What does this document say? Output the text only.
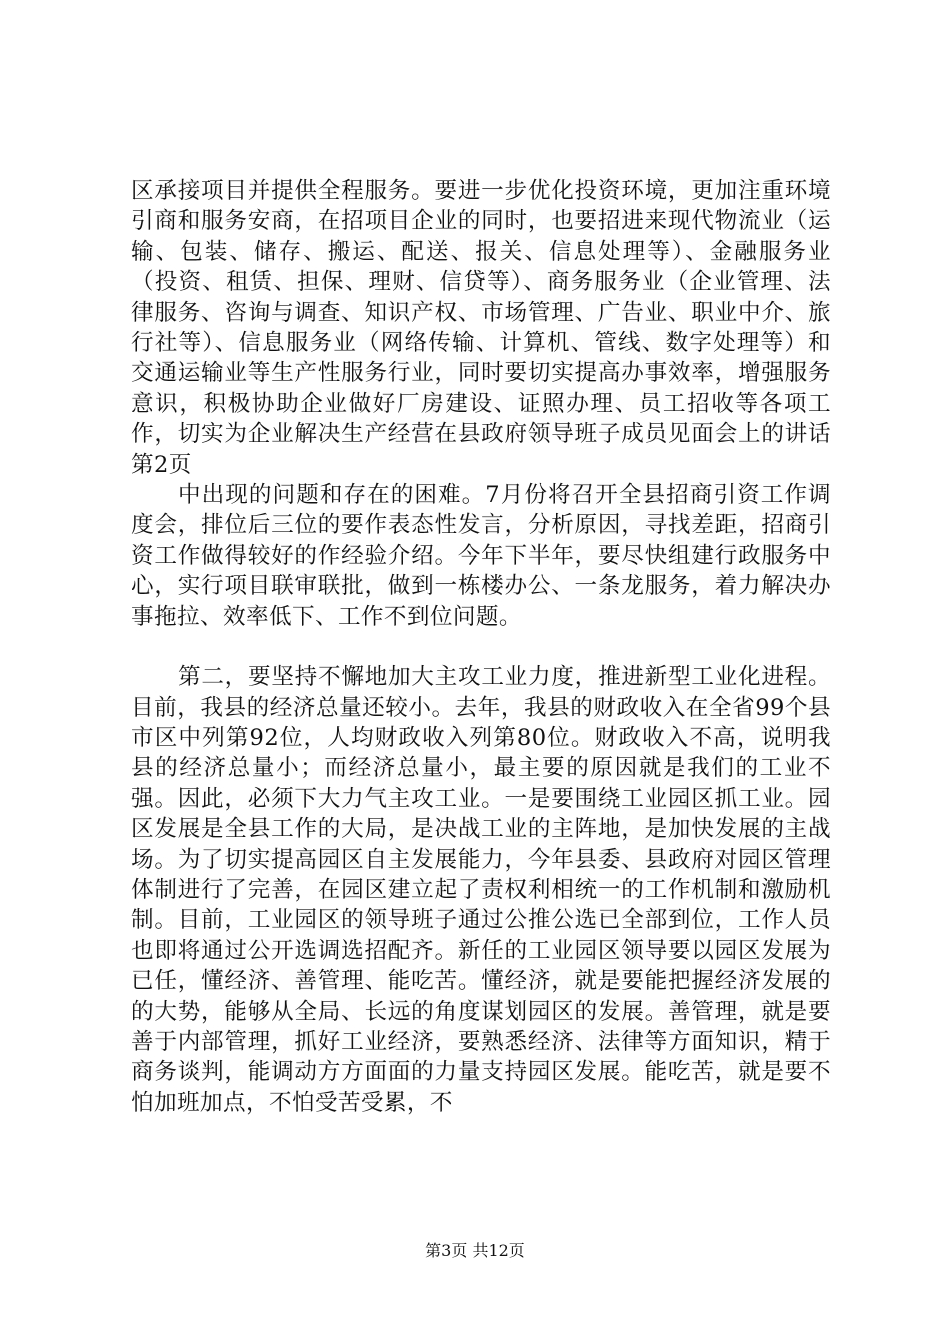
区承接项目并提供全程服务。要进一步优化投资环境，更加注重环境引商和服务安商，在招项目企业的同时，也要招进来现代物流业（运输、包装、储存、搬运、配送、报关、信息处理等）、金融服务业（投资、租赁、担保、理财、信贷等）、商务服务业（企业管理、法律服务、咨询与调查、知识产权、市场管理、广告业、职业中介、旅行社等）、信息服务业（网络传输、计算机、管线、数字处理等）和交通运输业等生产性服务行业，同时要切实提高办事效率，增强服务意识，积极协助企业做好厂房建设、证照办理、员工招收等各项工作，切实为企业解决生产经营在县政府领导班子成员见面会上的讲话第2页

中出现的问题和存在的困难。7月份将召开全县招商引资工作调度会，排位后三位的要作表态性发言，分析原因，寻找差距，招商引资工作做得较好的作经验介绍。今年下半年，要尽快组建行政服务中心，实行项目联审联批，做到一栋楼办公、一条龙服务，着力解决办事拖拉、效率低下、工作不到位问题。

第二，要坚持不懈地加大主攻工业力度，推进新型工业化进程。目前，我县的经济总量还较小。去年，我县的财政收入在全省99个县市区中列第92位，人均财政收入列第80位。财政收入不高，说明我县的经济总量小；而经济总量小，最主要的原因就是我们的工业不强。因此，必须下大力气主攻工业。一是要围绕工业园区抓工业。园区发展是全县工作的大局，是决战工业的主阵地，是加快发展的主战场。为了切实提高园区自主发展能力，今年县委、县政府对园区管理体制进行了完善，在园区建立起了责权利相统一的工作机制和激励机制。目前，工业园区的领导班子通过公推公选已全部到位，工作人员也即将通过公开选调选招配齐。新任的工业园区领导要以园区发展为已任，懂经济、善管理、能吃苦。懂经济，就是要能把握经济发展的的大势，能够从全局、长远的角度谋划园区的发展。善管理，就是要善于内部管理，抓好工业经济，要熟悉经济、法律等方面知识，精于商务谈判，能调动方方面面的力量支持园区发展。能吃苦，就是要不怕加班加点，不怕受苦受累，不

第3页 共12页
